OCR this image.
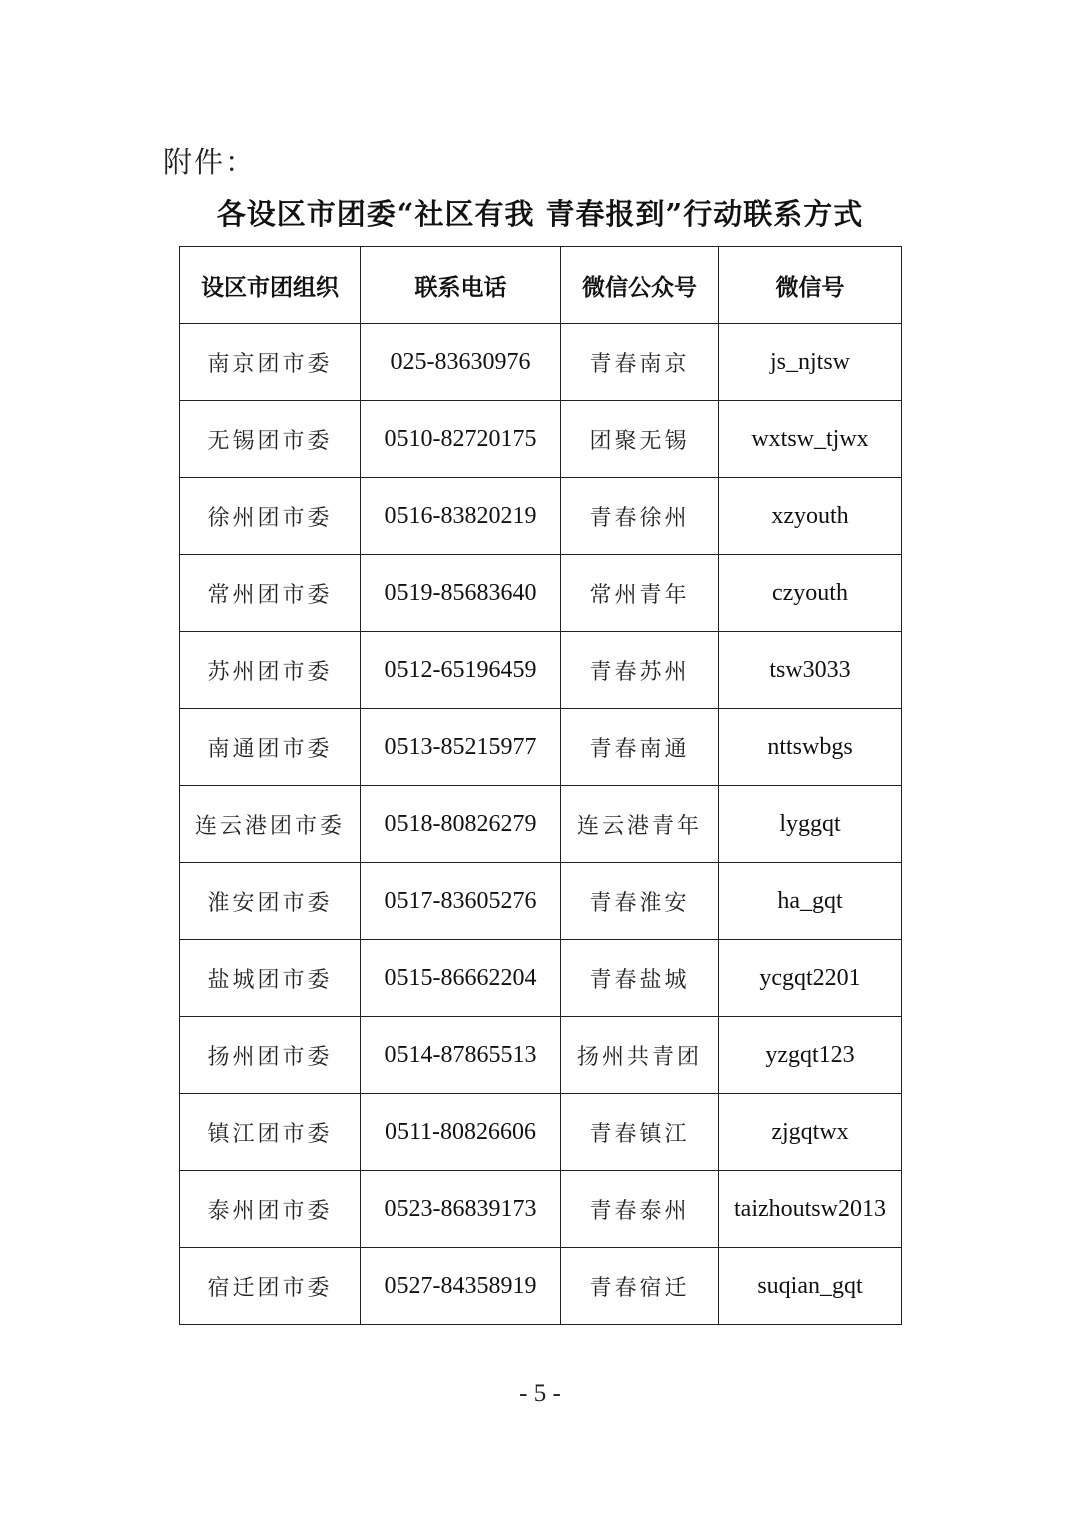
附件：
各设区市团委“社区有我 青春报到”行动联系方式
设区市团组织	联系电话	微信公众号	微信号
南京团市委	025-83630976	青春南京	js_njtsw
无锡团市委	0510-82720175	团聚无锡	wxtsw_tjwx
徐州团市委	0516-83820219	青春徐州	xzyouth
常州团市委	0519-85683640	常州青年	czyouth
苏州团市委	0512-65196459	青春苏州	tsw3033
南通团市委	0513-85215977	青春南通	nttswbgs
连云港团市委	0518-80826279	连云港青年	lyggqt
淮安团市委	0517-83605276	青春淮安	ha_gqt
盐城团市委	0515-86662204	青春盐城	ycgqt2201
扬州团市委	0514-87865513	扬州共青团	yzgqt123
镇江团市委	0511-80826606	青春镇江	zjgqtwx
泰州团市委	0523-86839173	青春泰州	taizhoutsw2013
宿迁团市委	0527-84358919	青春宿迁	suqian_gqt
- 5 -
